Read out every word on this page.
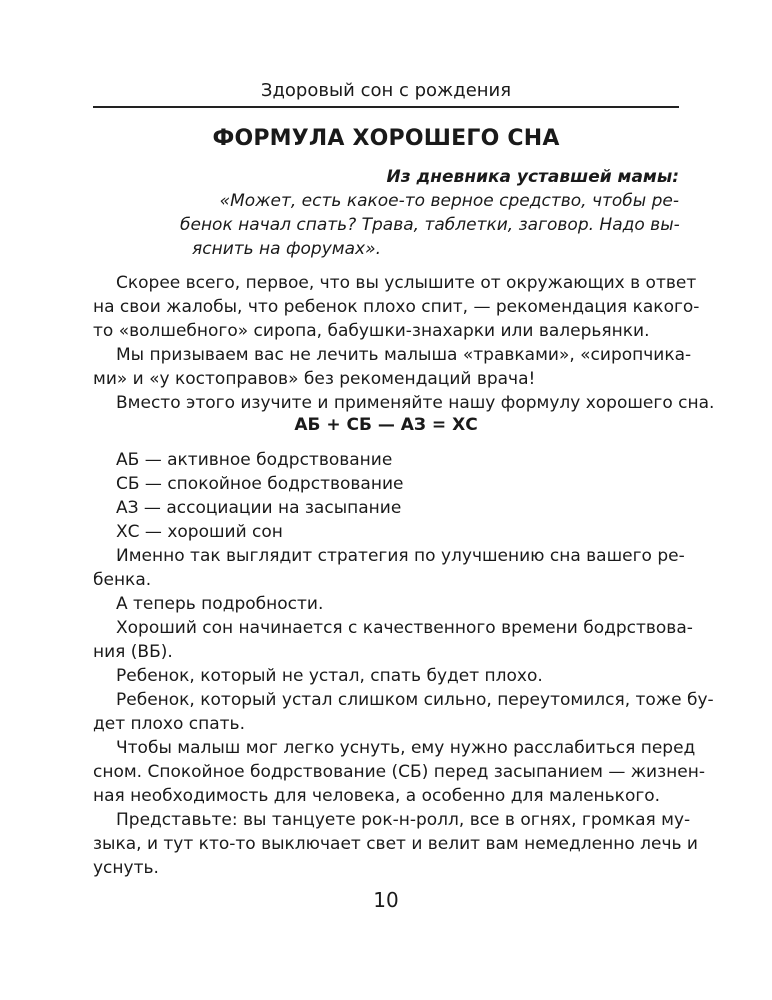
Здоровый сон с рождения
ФОРМУЛА ХОРОШЕГО СНА
Из дневника уставшей мамы:
«Может, есть какое-то верное средство, чтобы ре-
бенок начал спать? Трава, таблетки, заговор. Надо вы-
яснить на форумах».
Скорее всего, первое, что вы услышите от окружающих в ответ
на свои жалобы, что ребенок плохо спит, — рекомендация какого-
то «волшебного» сиропа, бабушки-знахарки или валерьянки.
Мы призываем вас не лечить малыша «травками», «сиропчика-
ми» и «у костоправов» без рекомендаций врача!
Вместо этого изучите и применяйте нашу формулу хорошего сна.
АБ + СБ — АЗ = ХС
АБ — активное бодрствование
СБ — спокойное бодрствование
АЗ — ассоциации на засыпание
ХС — хороший сон
Именно так выглядит стратегия по улучшению сна вашего ре-
бенка.
А теперь подробности.
Хороший сон начинается с качественного времени бодрствова-
ния (ВБ).
Ребенок, который не устал, спать будет плохо.
Ребенок, который устал слишком сильно, переутомился, тоже бу-
дет плохо спать.
Чтобы малыш мог легко уснуть, ему нужно расслабиться перед
сном. Спокойное бодрствование (СБ) перед засыпанием — жизнен-
ная необходимость для человека, а особенно для маленького.
Представьте: вы танцуете рок-н-ролл, все в огнях, громкая му-
зыка, и тут кто-то выключает свет и велит вам немедленно лечь и
уснуть.
10
